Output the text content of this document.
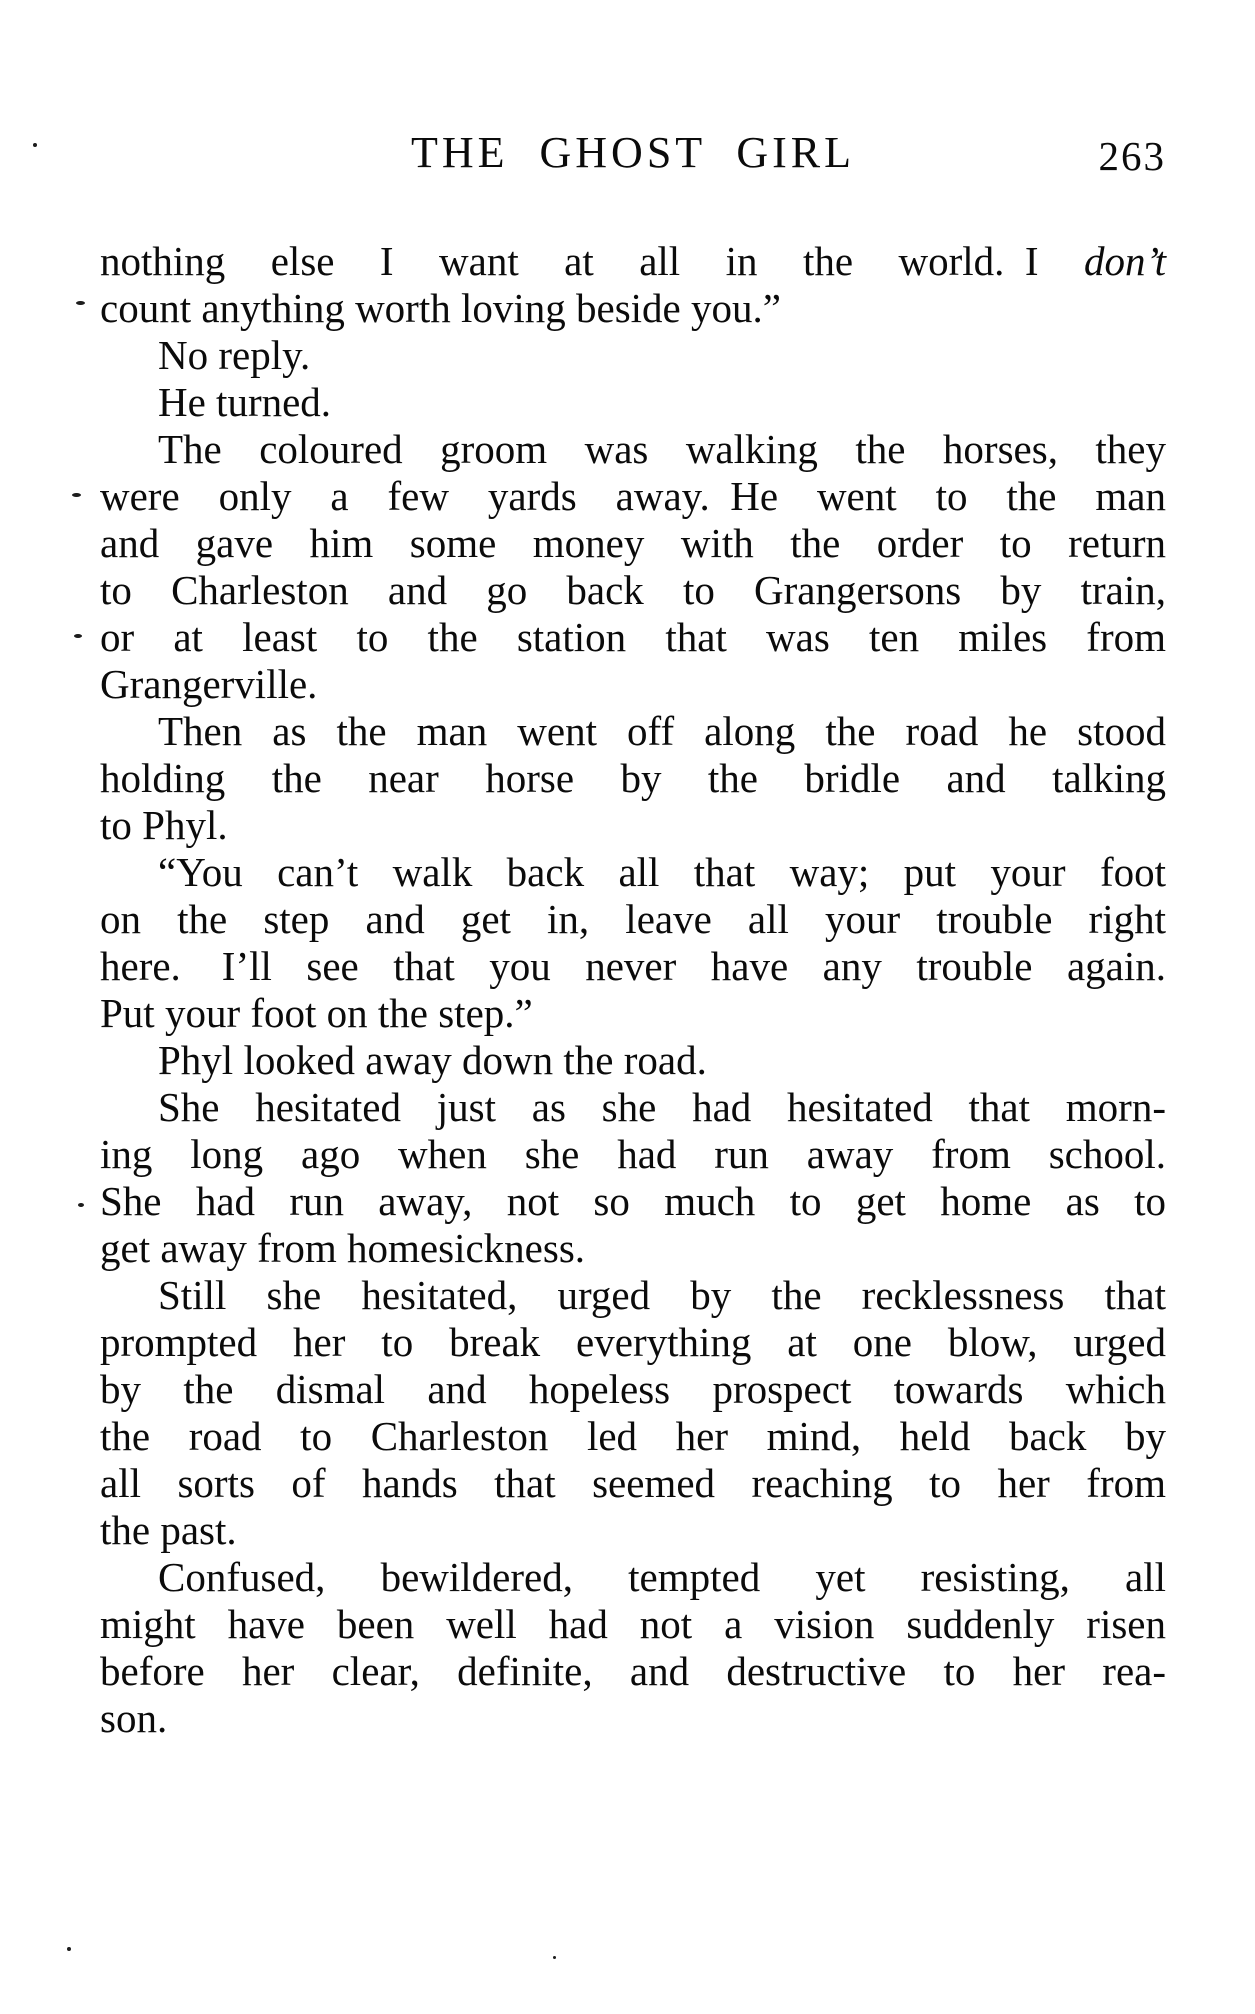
THE GHOST GIRL	263
nothing else I want at all in the world. I don’t
count anything worth loving beside you.”
No reply.
He turned.
The coloured groom was walking the horses, they
were only a few yards away. He went to the man
and gave him some money with the order to return
to Charleston and go back to Grangersons by train,
or at least to the station that was ten miles from
Grangerville.
Then as the man went off along the road he stood
holding the near horse by the bridle and talking
to Phyl.
“You can’t walk back all that way; put your foot
on the step and get in, leave all your trouble right
here. I’ll see that you never have any trouble again.
Put your foot on the step.”
Phyl looked away down the road.
She hesitated just as she had hesitated that morn-
ing long ago when she had run away from school.
She had run away, not so much to get home as to
get away from homesickness.
Still she hesitated, urged by the recklessness that
prompted her to break everything at one blow, urged
by the dismal and hopeless prospect towards which
the road to Charleston led her mind, held back by
all sorts of hands that seemed reaching to her from
the past.
Confused, bewildered, tempted yet resisting, all
might have been well had not a vision suddenly risen
before her clear, definite, and destructive to her rea-
son.
